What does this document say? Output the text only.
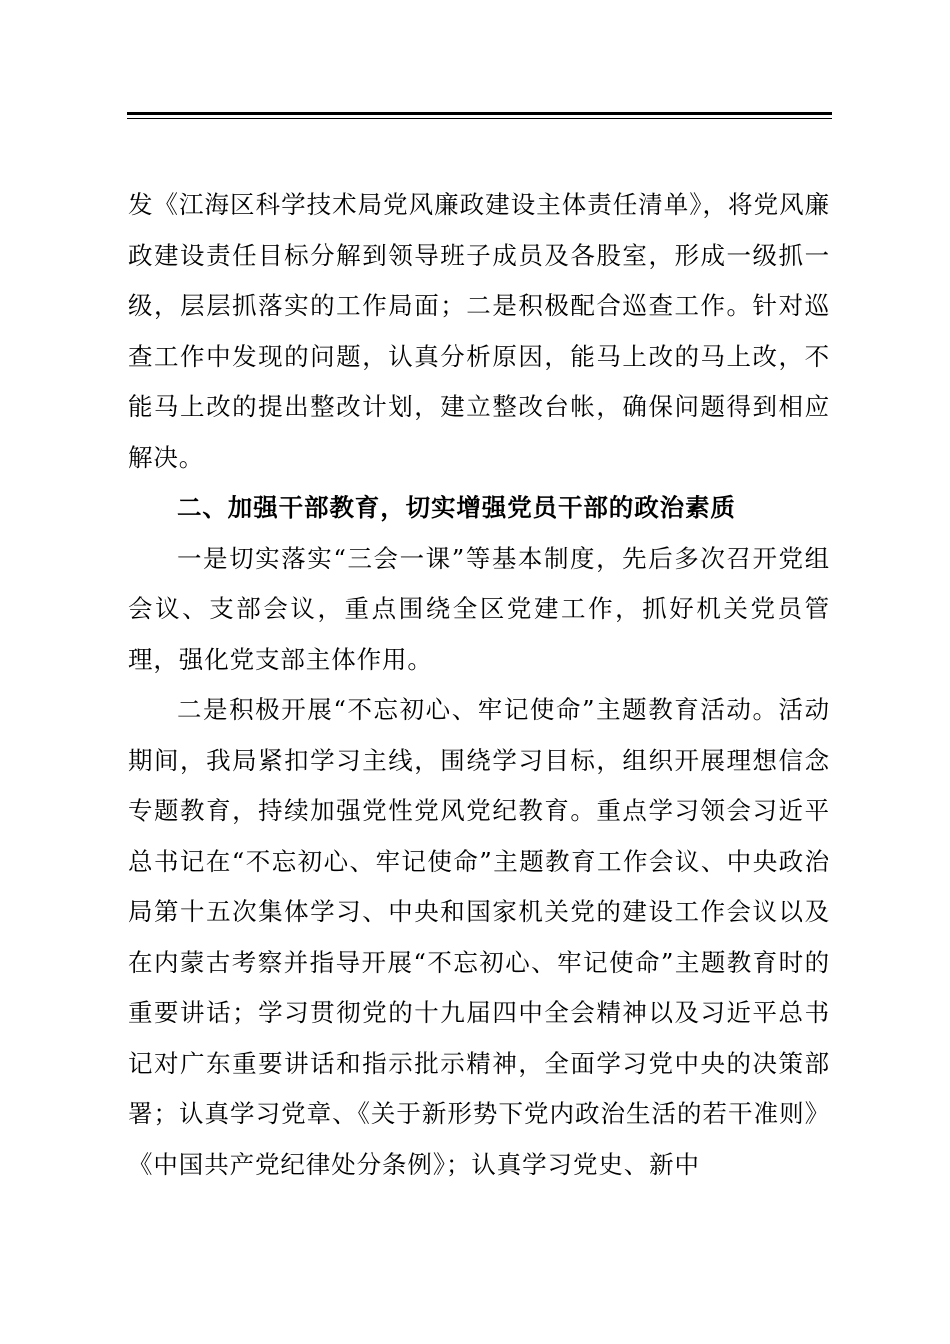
发《江海区科学技术局党风廉政建设主体责任清单》，将党风廉政建设责任目标分解到领导班子成员及各股室，形成一级抓一级，层层抓落实的工作局面；二是积极配合巡查工作。针对巡查工作中发现的问题，认真分析原因，能马上改的马上改，不能马上改的提出整改计划，建立整改台帐，确保问题得到相应解决。

二、加强干部教育，切实增强党员干部的政治素质

一是切实落实“三会一课”等基本制度，先后多次召开党组会议、支部会议，重点围绕全区党建工作，抓好机关党员管理，强化党支部主体作用。

二是积极开展“不忘初心、牢记使命”主题教育活动。活动期间，我局紧扣学习主线，围绕学习目标，组织开展理想信念专题教育，持续加强党性党风党纪教育。重点学习领会习近平总书记在“不忘初心、牢记使命”主题教育工作会议、中央政治局第十五次集体学习、中央和国家机关党的建设工作会议以及在内蒙古考察并指导开展“不忘初心、牢记使命”主题教育时的重要讲话；学习贯彻党的十九届四中全会精神以及习近平总书记对广东重要讲话和指示批示精神，全面学习党中央的决策部署；认真学习党章、《关于新形势下党内政治生活的若干准则》《中国共产党纪律处分条例》；认真学习党史、新中
